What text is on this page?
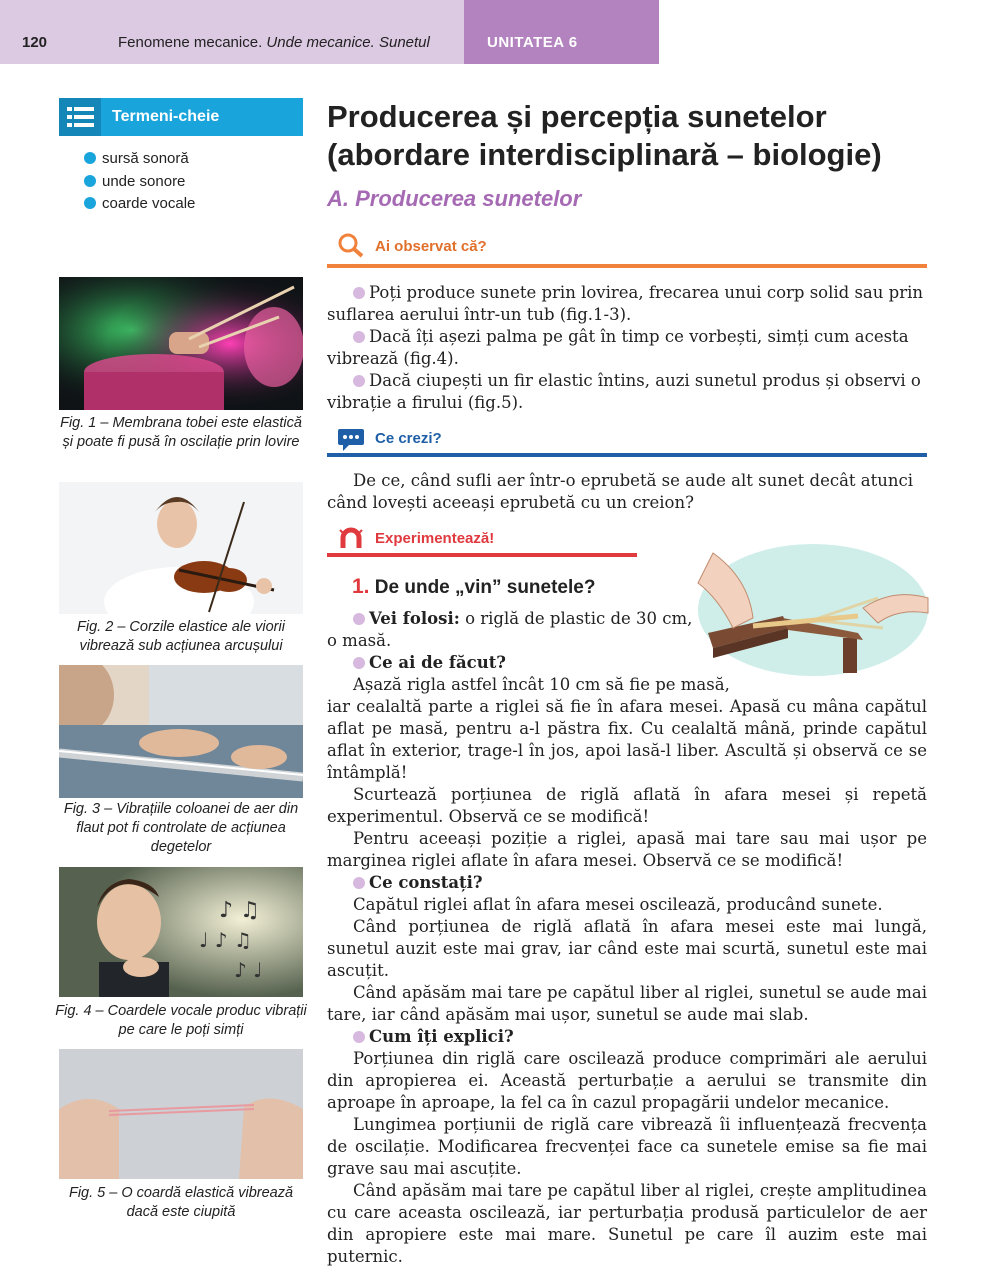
120	Fenomene mecanice. Unde mecanice. Sunetul	UNITATEA 6
Termeni-cheie
sursă sonoră
unde sonore
coarde vocale
Fig. 1 – Membrana tobei este elastică și poate fi pusă în oscilație prin lovire
Fig. 2 – Corzile elastice ale viorii vibrează sub acțiunea arcușului
Fig. 3 – Vibrațiile coloanei de aer din flaut pot fi controlate de acțiunea degetelor
♪ ♫
♩ ♪ ♫
♪ ♩
Fig. 4 – Coardele vocale produc vibrații pe care le poți simți
Fig. 5 – O coardă elastică vibrează dacă este ciupită
Producerea și percepția sunetelor
(abordare interdisciplinară – biologie)
A. Producerea sunetelor
Ai observat că?
Poți produce sunete prin lovirea, frecarea unui corp solid sau prin suflarea aerului într-un tub (fig.1-3).
Dacă îți așezi palma pe gât în timp ce vorbești, simți cum acesta vibrează (fig.4).
Dacă ciupești un fir elastic întins, auzi sunetul produs și observi o vibrație a firului (fig.5).
Ce crezi?

De ce, când sufli aer într-o eprubetă se aude alt sunet decât atunci când lovești aceeași eprubetă cu un creion?

Experimentează!
1. De unde „vin” sunetele?
Vei folosi: o riglă de plastic de 30 cm,
o masă.
Ce ai de făcut?
Așază rigla astfel încât 10 cm să fie pe masă,
iar cealaltă parte a riglei să fie în afara mesei. Apasă cu mâna capătul aflat pe masă, pentru a-l păstra fix. Cu cealaltă mână, prinde capătul aflat în exterior, trage-l în jos, apoi lasă-l liber. Ascultă și observă ce se întâmplă!
Scurtează porțiunea de riglă aflată în afara mesei și repetă experimentul. Observă ce se modifică!
Pentru aceeași poziție a riglei, apasă mai tare sau mai ușor pe marginea riglei aflate în afara mesei. Observă ce se modifică!
Ce constați?
Capătul riglei aflat în afara mesei oscilează, producând sunete.
Când porțiunea de riglă aflată în afara mesei este mai lungă, sunetul auzit este mai grav, iar când este mai scurtă, sunetul este mai ascuțit.
Când apăsăm mai tare pe capătul liber al riglei, sunetul se aude mai tare, iar când apăsăm mai ușor, sunetul se aude mai slab.
Cum îți explici?
Porțiunea din riglă care oscilează produce comprimări ale aerului din apropierea ei. Această perturbație a aerului se transmite din aproape în aproape, la fel ca în cazul propagării undelor mecanice.
Lungimea porțiunii de riglă care vibrează îi influențează frecvența de oscilație. Modificarea frecvenței face ca sunetele emise sa fie mai grave sau mai ascuțite.
Când apăsăm mai tare pe capătul liber al riglei, crește amplitudinea cu care aceasta oscilează, iar perturbația produsă particulelor de aer din apropiere este mai mare. Sunetul pe care îl auzim este mai puternic.
